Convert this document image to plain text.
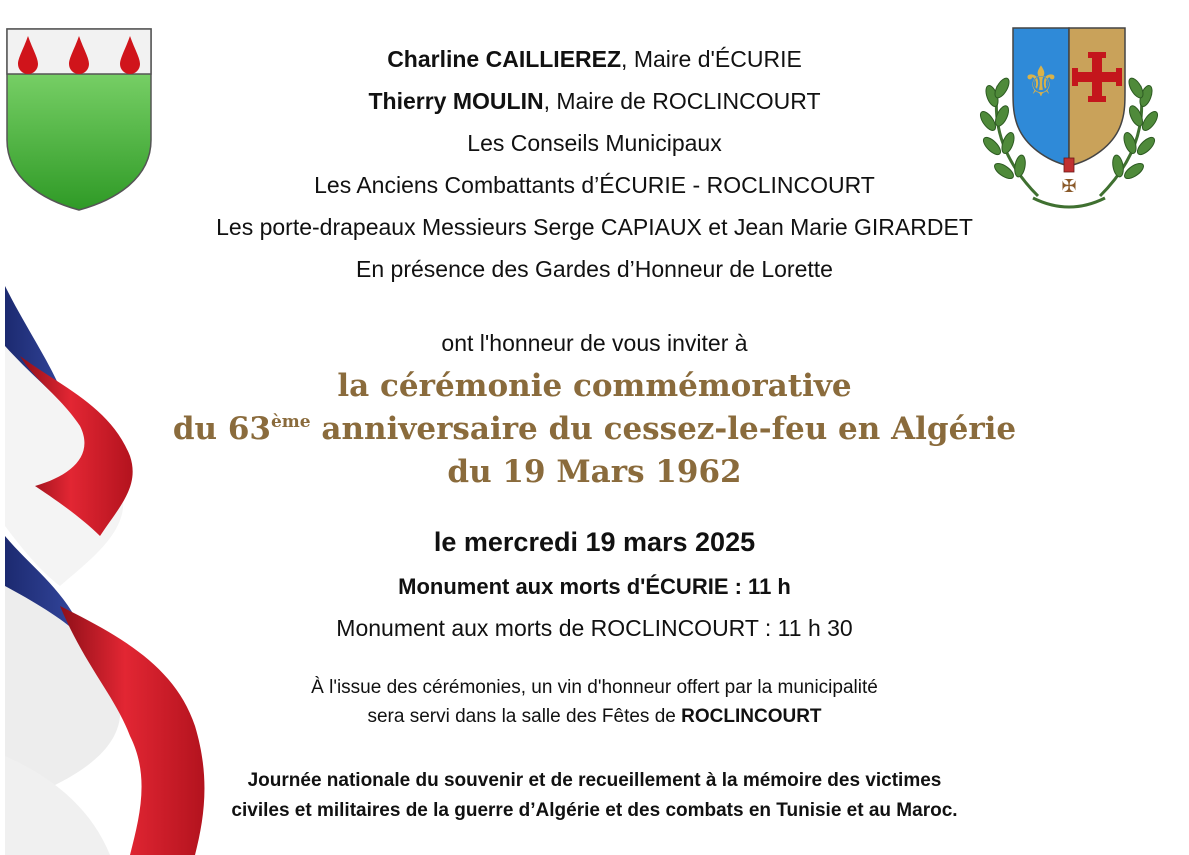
⚜
✠
Charline CAILLIEREZ, Maire d'ÉCURIE
Thierry MOULIN, Maire de ROCLINCOURT
Les Conseils Municipaux
Les Anciens Combattants d’ÉCURIE - ROCLINCOURT
Les porte-drapeaux Messieurs Serge CAPIAUX et Jean Marie GIRARDET
En présence des Gardes d’Honneur de Lorette
ont l'honneur de vous inviter à
la cérémonie commémorative
du 63ème anniversaire du cessez-le-feu en Algérie
du 19 Mars 1962
le mercredi 19 mars 2025
Monument aux morts d'ÉCURIE : 11 h
Monument aux morts de ROCLINCOURT : 11 h 30
À l'issue des cérémonies, un vin d'honneur offert par la municipalité
sera servi dans la salle des Fêtes de ROCLINCOURT
Journée nationale du souvenir et de recueillement à la mémoire des victimes
civiles et militaires de la guerre d’Algérie et des combats en Tunisie et au Maroc.
